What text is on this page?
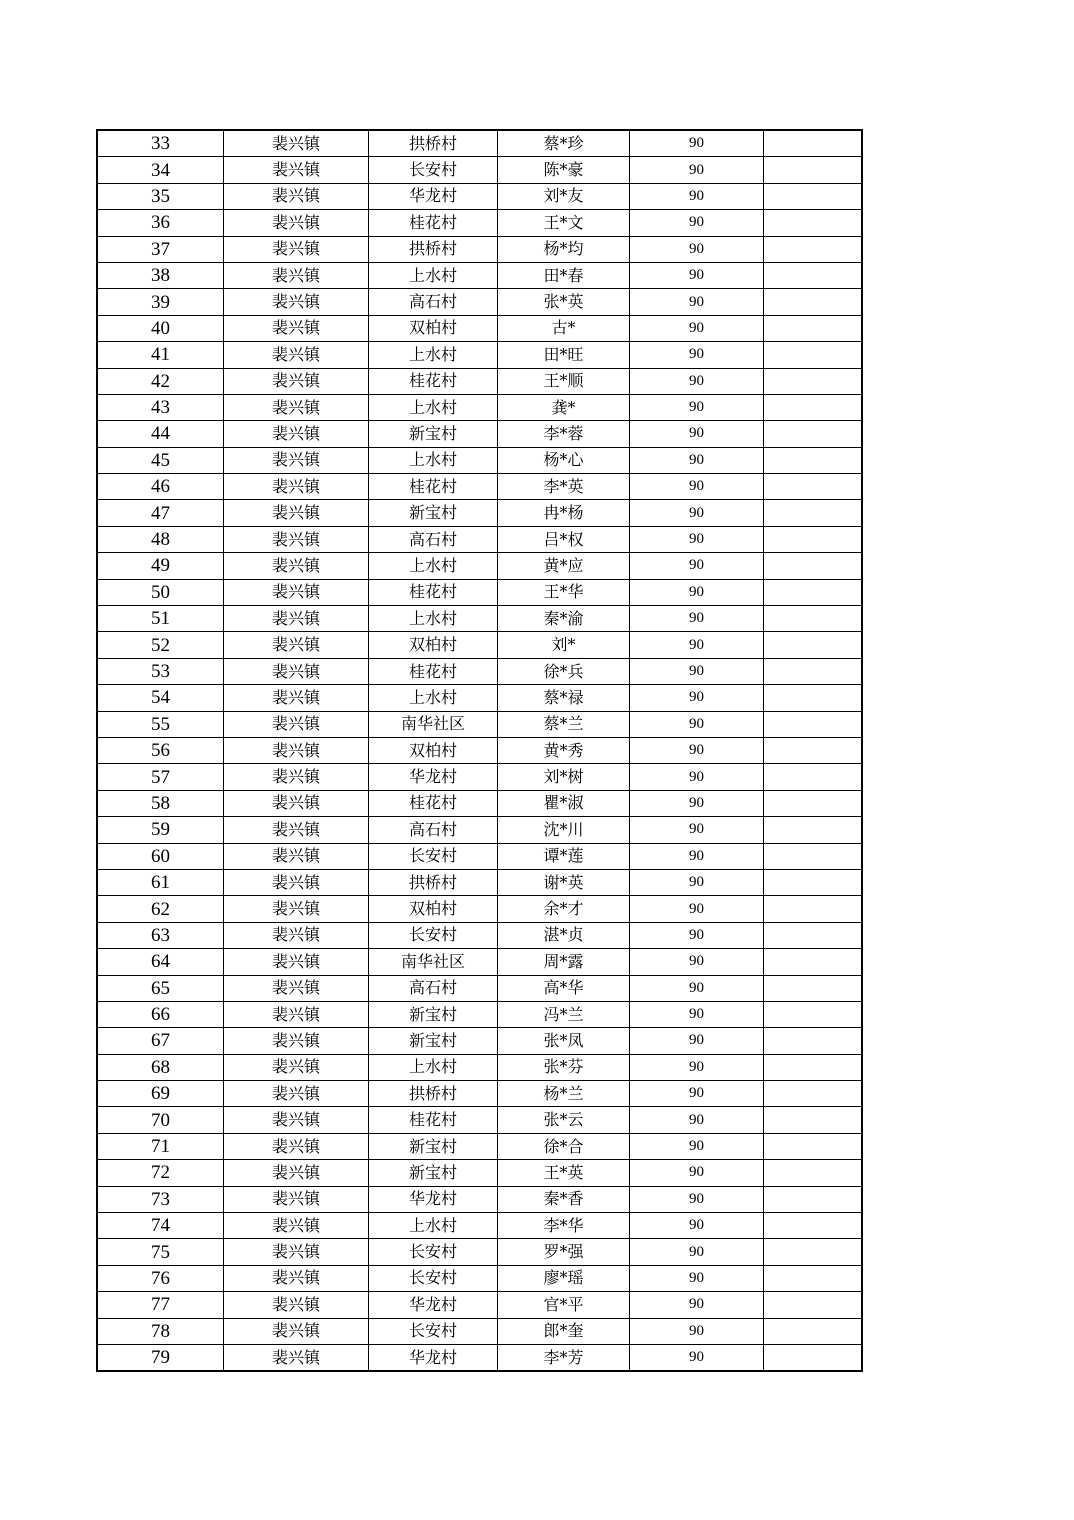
33	裴兴镇	拱桥村	蔡*珍	90	
34	裴兴镇	长安村	陈*豪	90	
35	裴兴镇	华龙村	刘*友	90	
36	裴兴镇	桂花村	王*文	90	
37	裴兴镇	拱桥村	杨*均	90	
38	裴兴镇	上水村	田*春	90	
39	裴兴镇	高石村	张*英	90	
40	裴兴镇	双柏村	古*	90	
41	裴兴镇	上水村	田*旺	90	
42	裴兴镇	桂花村	王*顺	90	
43	裴兴镇	上水村	龚*	90	
44	裴兴镇	新宝村	李*蓉	90	
45	裴兴镇	上水村	杨*心	90	
46	裴兴镇	桂花村	李*英	90	
47	裴兴镇	新宝村	冉*杨	90	
48	裴兴镇	高石村	吕*权	90	
49	裴兴镇	上水村	黄*应	90	
50	裴兴镇	桂花村	王*华	90	
51	裴兴镇	上水村	秦*渝	90	
52	裴兴镇	双柏村	刘*	90	
53	裴兴镇	桂花村	徐*兵	90	
54	裴兴镇	上水村	蔡*禄	90	
55	裴兴镇	南华社区	蔡*兰	90	
56	裴兴镇	双柏村	黄*秀	90	
57	裴兴镇	华龙村	刘*树	90	
58	裴兴镇	桂花村	瞿*淑	90	
59	裴兴镇	高石村	沈*川	90	
60	裴兴镇	长安村	谭*莲	90	
61	裴兴镇	拱桥村	谢*英	90	
62	裴兴镇	双柏村	余*才	90	
63	裴兴镇	长安村	湛*贞	90	
64	裴兴镇	南华社区	周*露	90	
65	裴兴镇	高石村	高*华	90	
66	裴兴镇	新宝村	冯*兰	90	
67	裴兴镇	新宝村	张*凤	90	
68	裴兴镇	上水村	张*芬	90	
69	裴兴镇	拱桥村	杨*兰	90	
70	裴兴镇	桂花村	张*云	90	
71	裴兴镇	新宝村	徐*合	90	
72	裴兴镇	新宝村	王*英	90	
73	裴兴镇	华龙村	秦*香	90	
74	裴兴镇	上水村	李*华	90	
75	裴兴镇	长安村	罗*强	90	
76	裴兴镇	长安村	廖*瑶	90	
77	裴兴镇	华龙村	官*平	90	
78	裴兴镇	长安村	郎*奎	90	
79	裴兴镇	华龙村	李*芳	90	
